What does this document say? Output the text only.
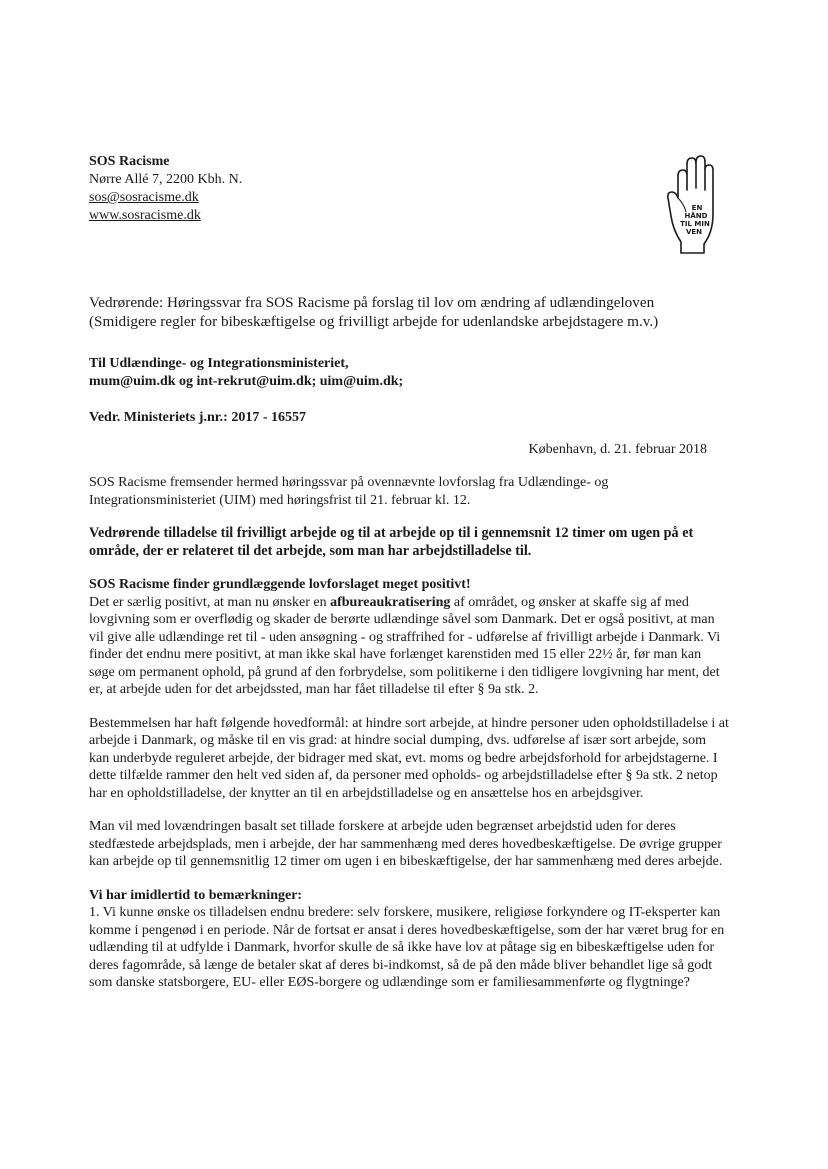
SOS Racisme
Nørre Allé 7, 2200 Kbh. N.
sos@sosracisme.dk
www.sosracisme.dk	EN
HÅND
TIL MIN
VEN
Vedrørende: Høringssvar fra SOS Racisme på forslag til lov om ændring af udlændingeloven
(Smidigere regler for bibeskæftigelse og frivilligt arbejde for udenlandske arbejdstagere m.v.)
Til Udlændinge- og Integrationsministeriet,
mum@uim.dk og int-rekrut@uim.dk; uim@uim.dk;
Vedr. Ministeriets j.nr.: 2017 - 16557
København, d. 21. februar 2018

SOS Racisme fremsender hermed høringssvar på ovennævnte lovforslag fra Udlændinge- og Integrationsministeriet (UIM) med høringsfrist til 21. februar kl. 12.

Vedrørende tilladelse til frivilligt arbejde og til at arbejde op til i gennemsnit 12 timer om ugen på et område, der er relateret til det arbejde, som man har arbejdstilladelse til.

SOS Racisme finder grundlæggende lovforslaget meget positivt!

Det er særlig positivt, at man nu ønsker en afbureaukratisering af området, og ønsker at skaffe sig af med lovgivning som er overflødig og skader de berørte udlændinge såvel som Danmark. Det er også positivt, at man vil give alle udlændinge ret til - uden ansøgning - og straffrihed for - udførelse af frivilligt arbejde i Danmark. Vi finder det endnu mere positivt, at man ikke skal have forlænget karenstiden med 15 eller 22½ år, før man kan søge om permanent ophold, på grund af den forbrydelse, som politikerne i den tidligere lovgivning har ment, det er, at arbejde uden for det arbejdssted, man har fået tilladelse til efter § 9a stk. 2.

Bestemmelsen har haft følgende hovedformål: at hindre sort arbejde, at hindre personer uden opholdstilladelse i at arbejde i Danmark, og måske til en vis grad: at hindre social dumping, dvs. udførelse af især sort arbejde, som kan underbyde reguleret arbejde, der bidrager med skat, evt. moms og bedre arbejdsforhold for arbejdstagerne. I dette tilfælde rammer den helt ved siden af, da personer med opholds- og arbejdstilladelse efter § 9a stk. 2 netop har en opholdstilladelse, der knytter an til en arbejdstilladelse og en ansættelse hos en arbejdsgiver.

Man vil med lovændringen basalt set tillade forskere at arbejde uden begrænset arbejdstid uden for deres stedfæstede arbejdsplads, men i arbejde, der har sammenhæng med deres hovedbeskæftigelse. De øvrige grupper kan arbejde op til gennemsnitlig 12 timer om ugen i en bibeskæftigelse, der har sammenhæng med deres arbejde.

Vi har imidlertid to bemærkninger:

1. Vi kunne ønske os tilladelsen endnu bredere: selv forskere, musikere, religiøse forkyndere og IT-eksperter kan komme i pengenød i en periode. Når de fortsat er ansat i deres hovedbeskæftigelse, som der har været brug for en udlænding til at udfylde i Danmark, hvorfor skulle de så ikke have lov at påtage sig en bibeskæftigelse uden for deres fagområde, så længe de betaler skat af deres bi-indkomst, så de på den måde bliver behandlet lige så godt som danske statsborgere, EU- eller EØS-borgere og udlændinge som er familiesammenførte og flygtninge?
